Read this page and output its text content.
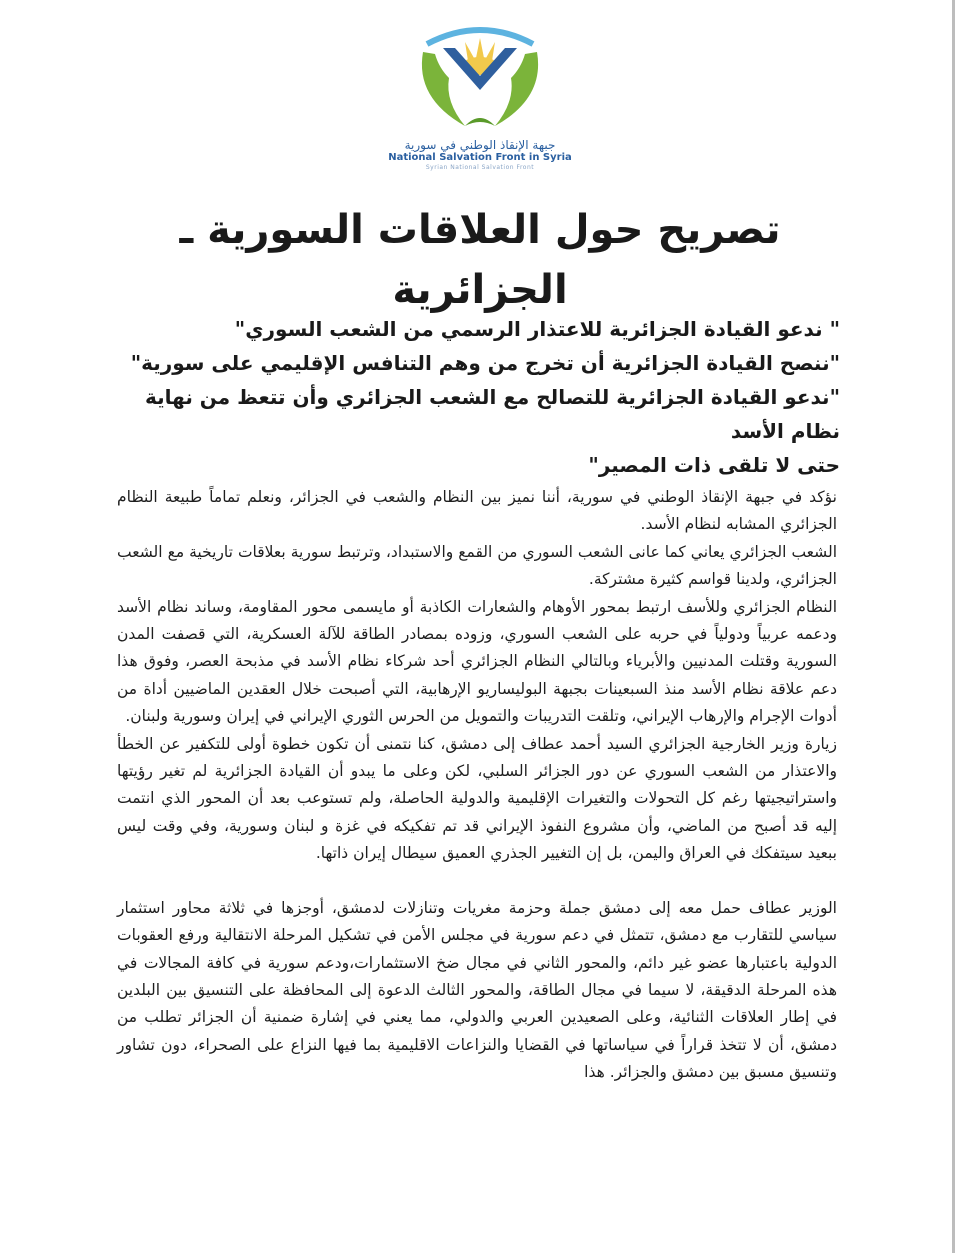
جبهة الإنقاذ الوطني في سورية
National Salvation Front in Syria
Syrian National Salvation Front
تصريح حول العلاقات السورية ـ الجزائرية
" ندعو القيادة الجزائرية للاعتذار الرسمي من الشعب السوري"
"ننصح القيادة الجزائرية أن تخرج من وهم التنافس الإقليمي على سورية"
"ندعو القيادة الجزائرية للتصالح مع الشعب الجزائري وأن تتعظ من نهاية نظام الأسد
حتى لا تلقى ذات المصير"

نؤكد في جبهة الإنقاذ الوطني في سورية، أننا نميز بين النظام والشعب في الجزائر، ونعلم تماماً طبيعة النظام الجزائري المشابه لنظام الأسد.

الشعب الجزائري يعاني كما عانى الشعب السوري من القمع والاستبداد، وترتبط سورية بعلاقات تاريخية مع الشعب الجزائري، ولدينا قواسم كثيرة مشتركة.

النظام الجزائري وللأسف ارتبط بمحور الأوهام والشعارات الكاذبة أو مايسمى محور المقاومة، وساند نظام الأسد ودعمه عربياً ودولياً في حربه على الشعب السوري، وزوده بمصادر الطاقة للآلة العسكرية، التي قصفت المدن السورية وقتلت المدنيين والأبرياء وبالتالي النظام الجزائري أحد شركاء نظام الأسد في مذبحة العصر، وفوق هذا دعم علاقة نظام الأسد منذ السبعينات بجبهة البوليساريو الإرهابية، التي أصبحت خلال العقدين الماضيين أداة من أدوات الإجرام والإرهاب الإيراني، وتلقت التدريبات والتمويل من الحرس الثوري الإيراني في إيران وسورية ولبنان.

زيارة وزير الخارجية الجزائري السيد أحمد عطاف إلى دمشق، كنا نتمنى أن تكون خطوة أولى للتكفير عن الخطأ والاعتذار من الشعب السوري عن دور الجزائر السلبي، لكن وعلى ما يبدو أن القيادة الجزائرية لم تغير رؤيتها واستراتيجيتها رغم كل التحولات والتغيرات الإقليمية والدولية الحاصلة، ولم تستوعب بعد أن المحور الذي انتمت إليه قد أصبح من الماضي، وأن مشروع النفوذ الإيراني قد تم تفكيكه في غزة و لبنان وسورية، وفي وقت ليس ببعيد سيتفكك في العراق واليمن، بل إن التغيير الجذري العميق سيطال إيران ذاتها.

الوزير عطاف حمل معه إلى دمشق جملة وحزمة مغريات وتنازلات لدمشق، أوجزها في ثلاثة محاور استثمار سياسي للتقارب مع دمشق، تتمثل في دعم سورية في مجلس الأمن في تشكيل المرحلة الانتقالية ورفع العقوبات الدولية باعتبارها عضو غير دائم، والمحور الثاني في مجال ضخ الاستثمارات،ودعم سورية في كافة المجالات في هذه المرحلة الدقيقة، لا سيما في مجال الطاقة، والمحور الثالث الدعوة إلى المحافظة على التنسيق بين البلدين في إطار العلاقات الثنائية، وعلى الصعيدين العربي والدولي، مما يعني في إشارة ضمنية أن الجزائر تطلب من دمشق، أن لا تتخذ قراراً في سياساتها في القضايا والنزاعات الاقليمية بما فيها النزاع على الصحراء، دون تشاور وتنسيق مسبق بين دمشق والجزائر. هذا
